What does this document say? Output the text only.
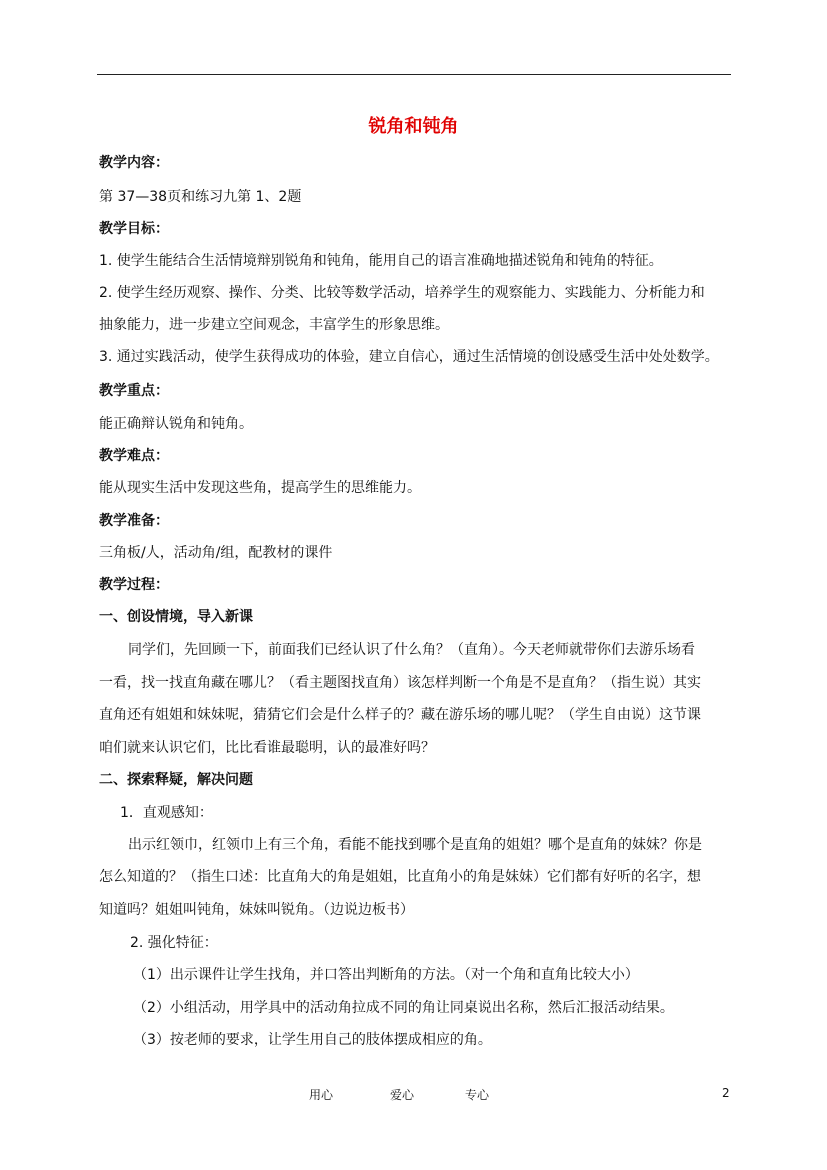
锐角和钝角
教学内容：
第 37—38页和练习九第 1、2题
教学目标：
1. 使学生能结合生活情境辩别锐角和钝角，能用自己的语言准确地描述锐角和钝角的特征。
2. 使学生经历观察、操作、分类、比较等数学活动，培养学生的观察能力、实践能力、分析能力和
抽象能力，进一步建立空间观念，丰富学生的形象思维。
3. 通过实践活动，使学生获得成功的体验，建立自信心，通过生活情境的创设感受生活中处处数学。
教学重点：
能正确辩认锐角和钝角。
教学难点：
能从现实生活中发现这些角，提高学生的思维能力。
教学准备：
三角板/人，活动角/组，配教材的课件
教学过程：
一、创设情境，导入新课
同学们，先回顾一下，前面我们已经认识了什么角？（直角）。今天老师就带你们去游乐场看
一看，找一找直角藏在哪儿？（看主题图找直角）该怎样判断一个角是不是直角？（指生说）其实
直角还有姐姐和妹妹呢，猜猜它们会是什么样子的？藏在游乐场的哪儿呢？（学生自由说）这节课
咱们就来认识它们，比比看谁最聪明，认的最准好吗？
二、探索释疑，解决问题
1．直观感知：
出示红领巾，红领巾上有三个角，看能不能找到哪个是直角的姐姐？哪个是直角的妹妹？你是
怎么知道的？（指生口述：比直角大的角是姐姐，比直角小的角是妹妹）它们都有好听的名字，想
知道吗？姐姐叫钝角，妹妹叫锐角。（边说边板书）
2. 强化特征：
（1）出示课件让学生找角，并口答出判断角的方法。（对一个角和直角比较大小）
（2）小组活动，用学具中的活动角拉成不同的角让同桌说出名称，然后汇报活动结果。
（3）按老师的要求，让学生用自己的肢体摆成相应的角。
用心	爱心	专心	2
